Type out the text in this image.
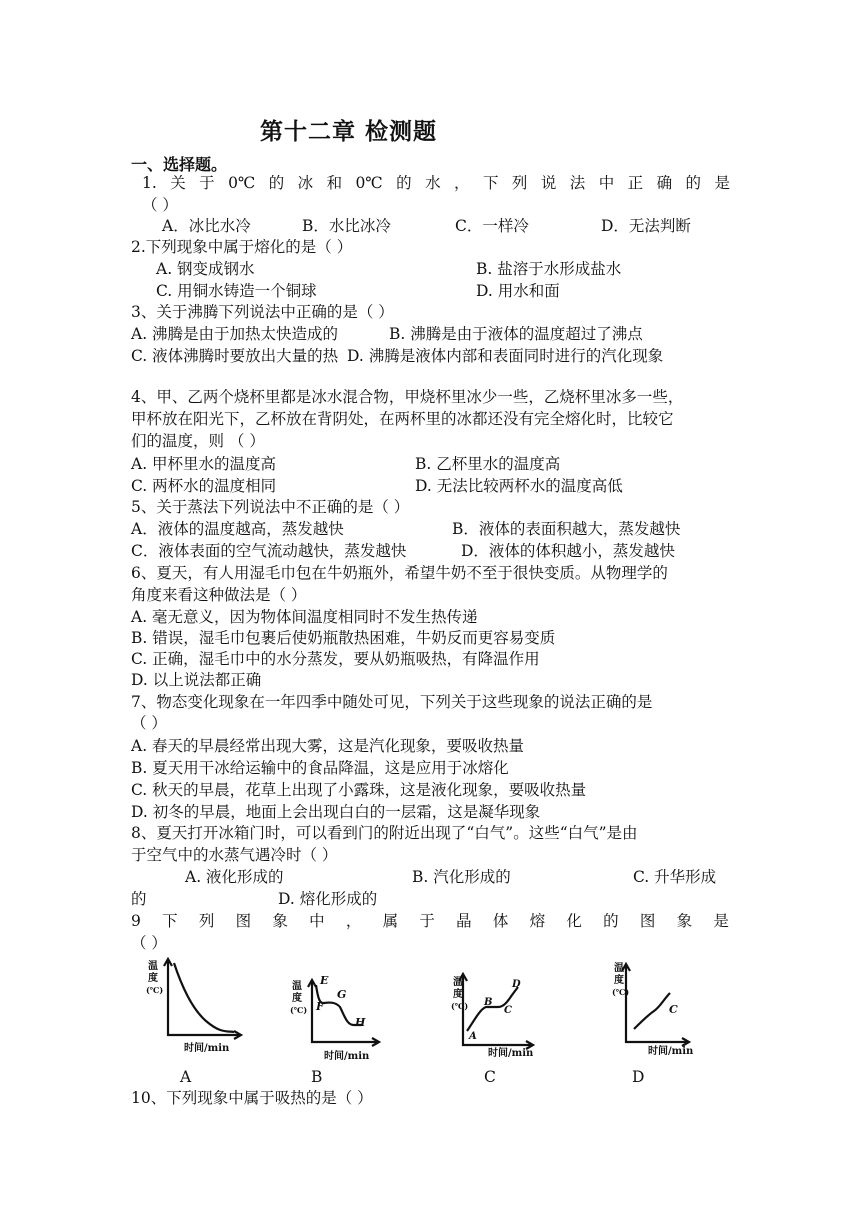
第十二章 检测题
一、选择题。
1. 关 于 0℃ 的 冰 和 0℃ 的 水 ， 下 列 说 法 中 正 确 的 是
（ ）
A．冰比水冷	B．水比冰冷	C．一样冷	D．无法判断
2.下列现象中属于熔化的是（ ）
A. 钢变成钢水	B. 盐溶于水形成盐水
C. 用铜水铸造一个铜球	D. 用水和面
3、关于沸腾下列说法中正确的是（ ）
A. 沸腾是由于加热太快造成的	B. 沸腾是由于液体的温度超过了沸点
C. 液体沸腾时要放出大量的热 D. 沸腾是液体内部和表面同时进行的汽化现象
4、甲、乙两个烧杯里都是冰水混合物，甲烧杯里冰少一些，乙烧杯里冰多一些，
甲杯放在阳光下，乙杯放在背阴处，在两杯里的冰都还没有完全熔化时，比较它
们的温度，则 （ ）
A. 甲杯里水的温度高	B. 乙杯里水的温度高
C. 两杯水的温度相同	D. 无法比较两杯水的温度高低
5、关于蒸法下列说法中不正确的是（ ）
A．液体的温度越高，蒸发越快	B．液体的表面积越大，蒸发越快
C．液体表面的空气流动越快，蒸发越快	D．液体的体积越小，蒸发越快
6、夏天，有人用湿毛巾包在牛奶瓶外，希望牛奶不至于很快变质。从物理学的
角度来看这种做法是（ ）
A. 毫无意义，因为物体间温度相同时不发生热传递
B. 错误，湿毛巾包裹后使奶瓶散热困难，牛奶反而更容易变质
C. 正确，湿毛巾中的水分蒸发，要从奶瓶吸热，有降温作用
D. 以上说法都正确
7、物态变化现象在一年四季中随处可见，下列关于这些现象的说法正确的是
（ ）
A. 春天的早晨经常出现大雾，这是汽化现象，要吸收热量
B. 夏天用干冰给运输中的食品降温，这是应用于冰熔化
C. 秋天的早晨，花草上出现了小露珠，这是液化现象，要吸收热量
D. 初冬的早晨，地面上会出现白白的一层霜，这是凝华现象
8、夏天打开冰箱门时，可以看到门的附近出现了“白气”。这些“白气”是由
于空气中的水蒸气遇冷时（ ）
A. 液化形成的	B. 汽化形成的	C. 升华形成
的	D. 熔化形成的
9 下 列 图 象 中 ， 属 于 晶 体 熔 化 的 图 象 是
（ ）
温
度
(℃)
时间/min
温
度
(℃)
时间/min
E
F
G
H
温
度
(℃)
时间/min
A
B
C
D
温
度
(℃)
时间/min
C
A	B	C	D
10、下列现象中属于吸热的是（ ）
